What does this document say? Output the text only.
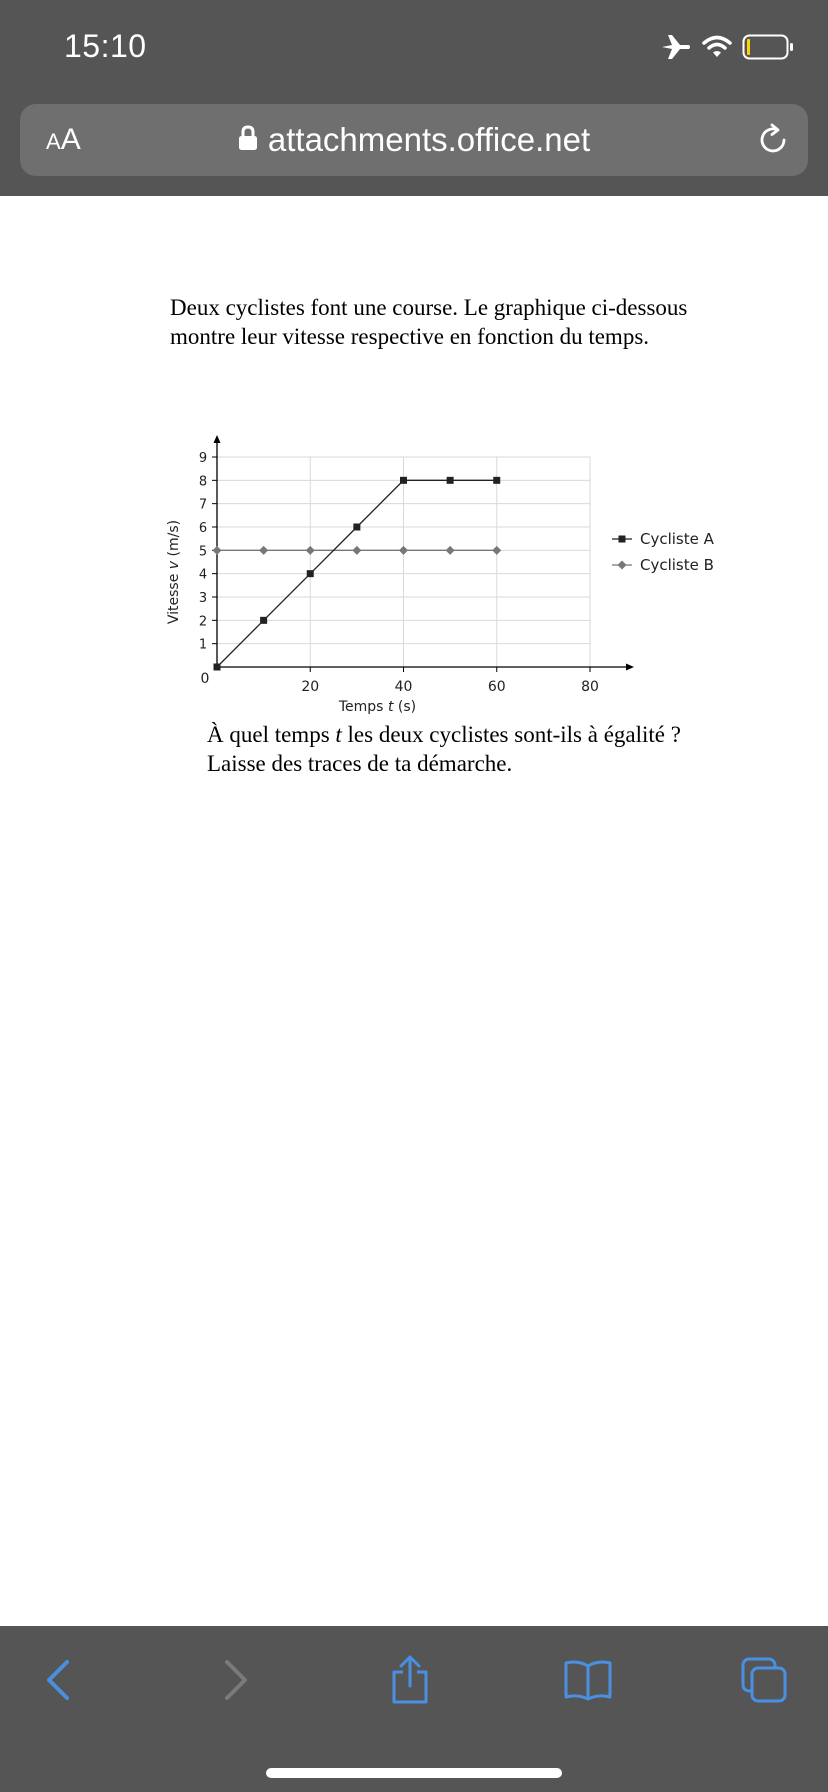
15:10
AA	attachments.office.net

Deux cyclistes font une course. Le graphique ci-dessous montre leur vitesse respective en fonction du temps.

0	20	40	60	80
1
2
3
4
5
6
7
8
9
Temps t (s)
Vitesse v (m/s)	Cycliste A
Cycliste B

À quel temps t les deux cyclistes sont-ils à égalité ? Laisse des traces de ta démarche.
